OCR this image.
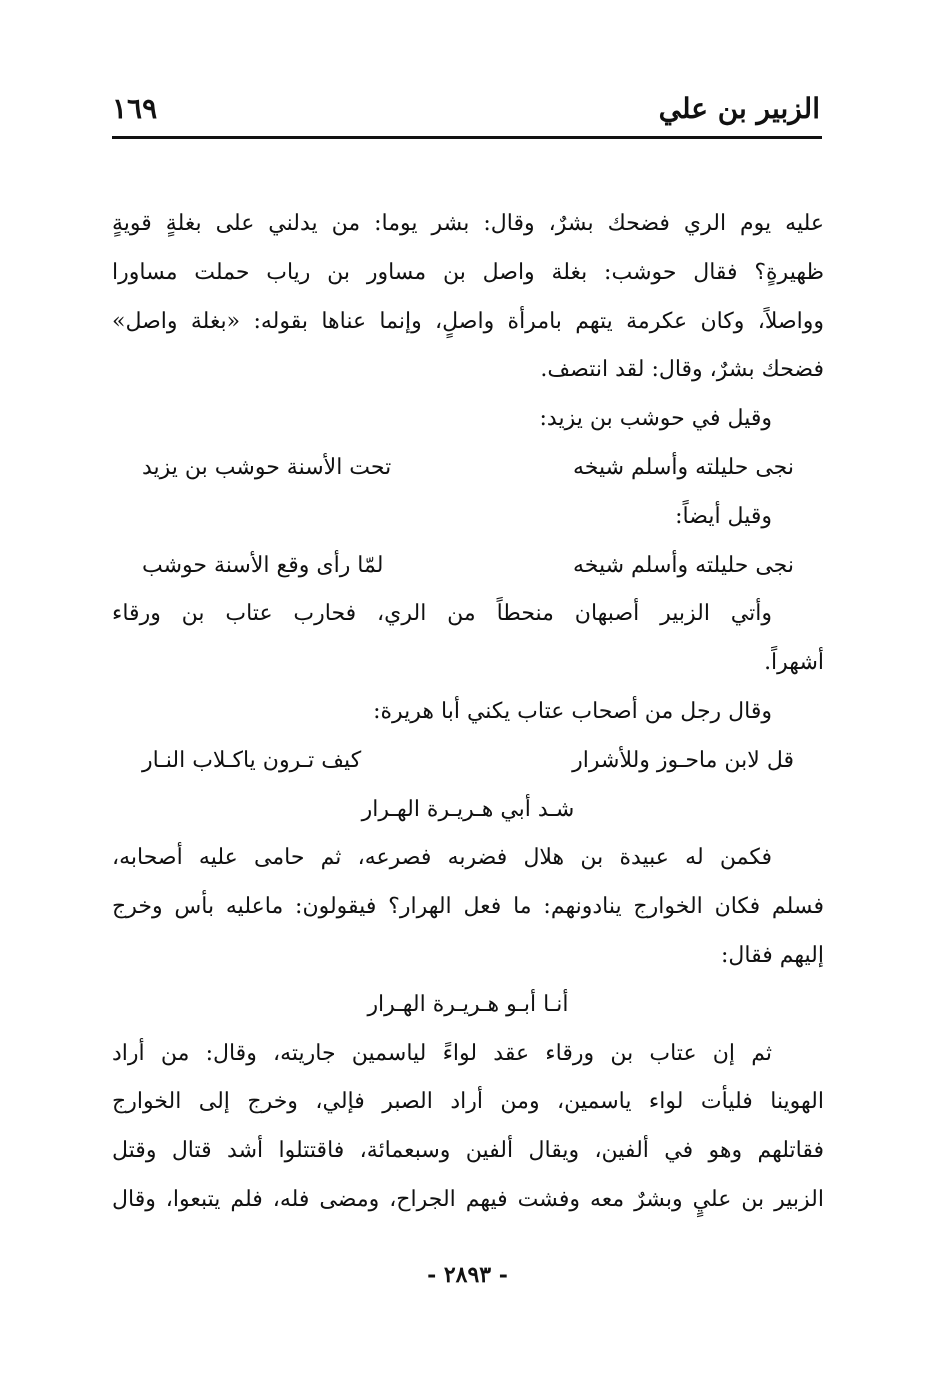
الزبير بن علي
١٦٩
عليه يوم الري فضحك بشرٌ، وقال: بشر يوما: من يدلني على بغلةٍ قويةٍ
ظهيرةٍ؟ فقال حوشب: بغلة واصل بن مساور بن رياب حملت مساورا
وواصلاً، وكان عكرمة يتهم بامرأة واصلٍ، وإنما عناها بقوله: «بغلة واصل»
فضحك بشرٌ، وقال: لقد انتصف.
وقيل في حوشب بن يزيد:
نجى حليلته وأسلم شيخه
تحت الأسنة حوشب بن يزيد
وقيل أيضاً:
نجى حليلته وأسلم شيخه
لمّا رأى وقع الأسنة حوشب
وأتي الزبير أصبهان منحطاً من الري، فحارب عتاب بن ورقاء
أشهراً.
وقال رجل من أصحاب عتاب يكني أبا هريرة:
قل لابن ماحـوز وللأشرار
كيف تـرون ياكـلاب النـار
شـد أبي هـريـرة الهـرار
فكمن له عبيدة بن هلال فضربه فصرعه، ثم حامى عليه أصحابه،
فسلم فكان الخوارج ينادونهم: ما فعل الهرار؟ فيقولون: ماعليه بأس وخرج
إليهم فقال:
أنـا أبـو هـريـرة الهـرار
ثم إن عتاب بن ورقاء عقد لواءً لياسمين جاريته، وقال: من أراد
الهوينا فليأت لواء ياسمين، ومن أراد الصبر فإلي، وخرج إلى الخوارج
فقاتلهم وهو في ألفين، ويقال ألفين وسبعمائة، فاقتتلوا أشد قتال وقتل
الزبير بن عليٍ وبشرٌ معه وفشت فيهم الجراح، ومضى فله، فلم يتبعوا، وقال
- ٢٨٩٣ -
